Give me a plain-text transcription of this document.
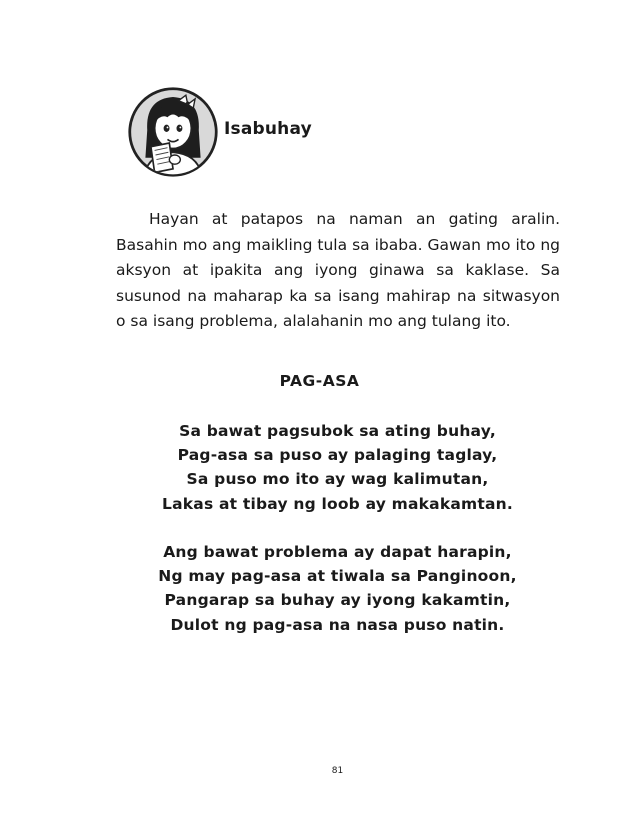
Isabuhay

Hayan at patapos na naman an gating aralin. Basahin mo ang maikling tula sa ibaba. Gawan mo ito ng aksyon at ipakita ang iyong ginawa sa kaklase. Sa susunod na maharap ka sa isang mahirap na sitwasyon o sa isang problema, alalahanin mo ang tulang ito.

PAG-ASA
Sa bawat pagsubok sa ating buhay,
Pag-asa sa puso ay palaging taglay,
Sa puso mo ito ay wag kalimutan,
Lakas at tibay ng loob ay makakamtan.
Ang bawat problema ay dapat harapin,
Ng may pag-asa at tiwala sa Panginoon,
Pangarap sa buhay ay iyong kakamtin,
Dulot ng pag-asa na nasa puso natin.
81
